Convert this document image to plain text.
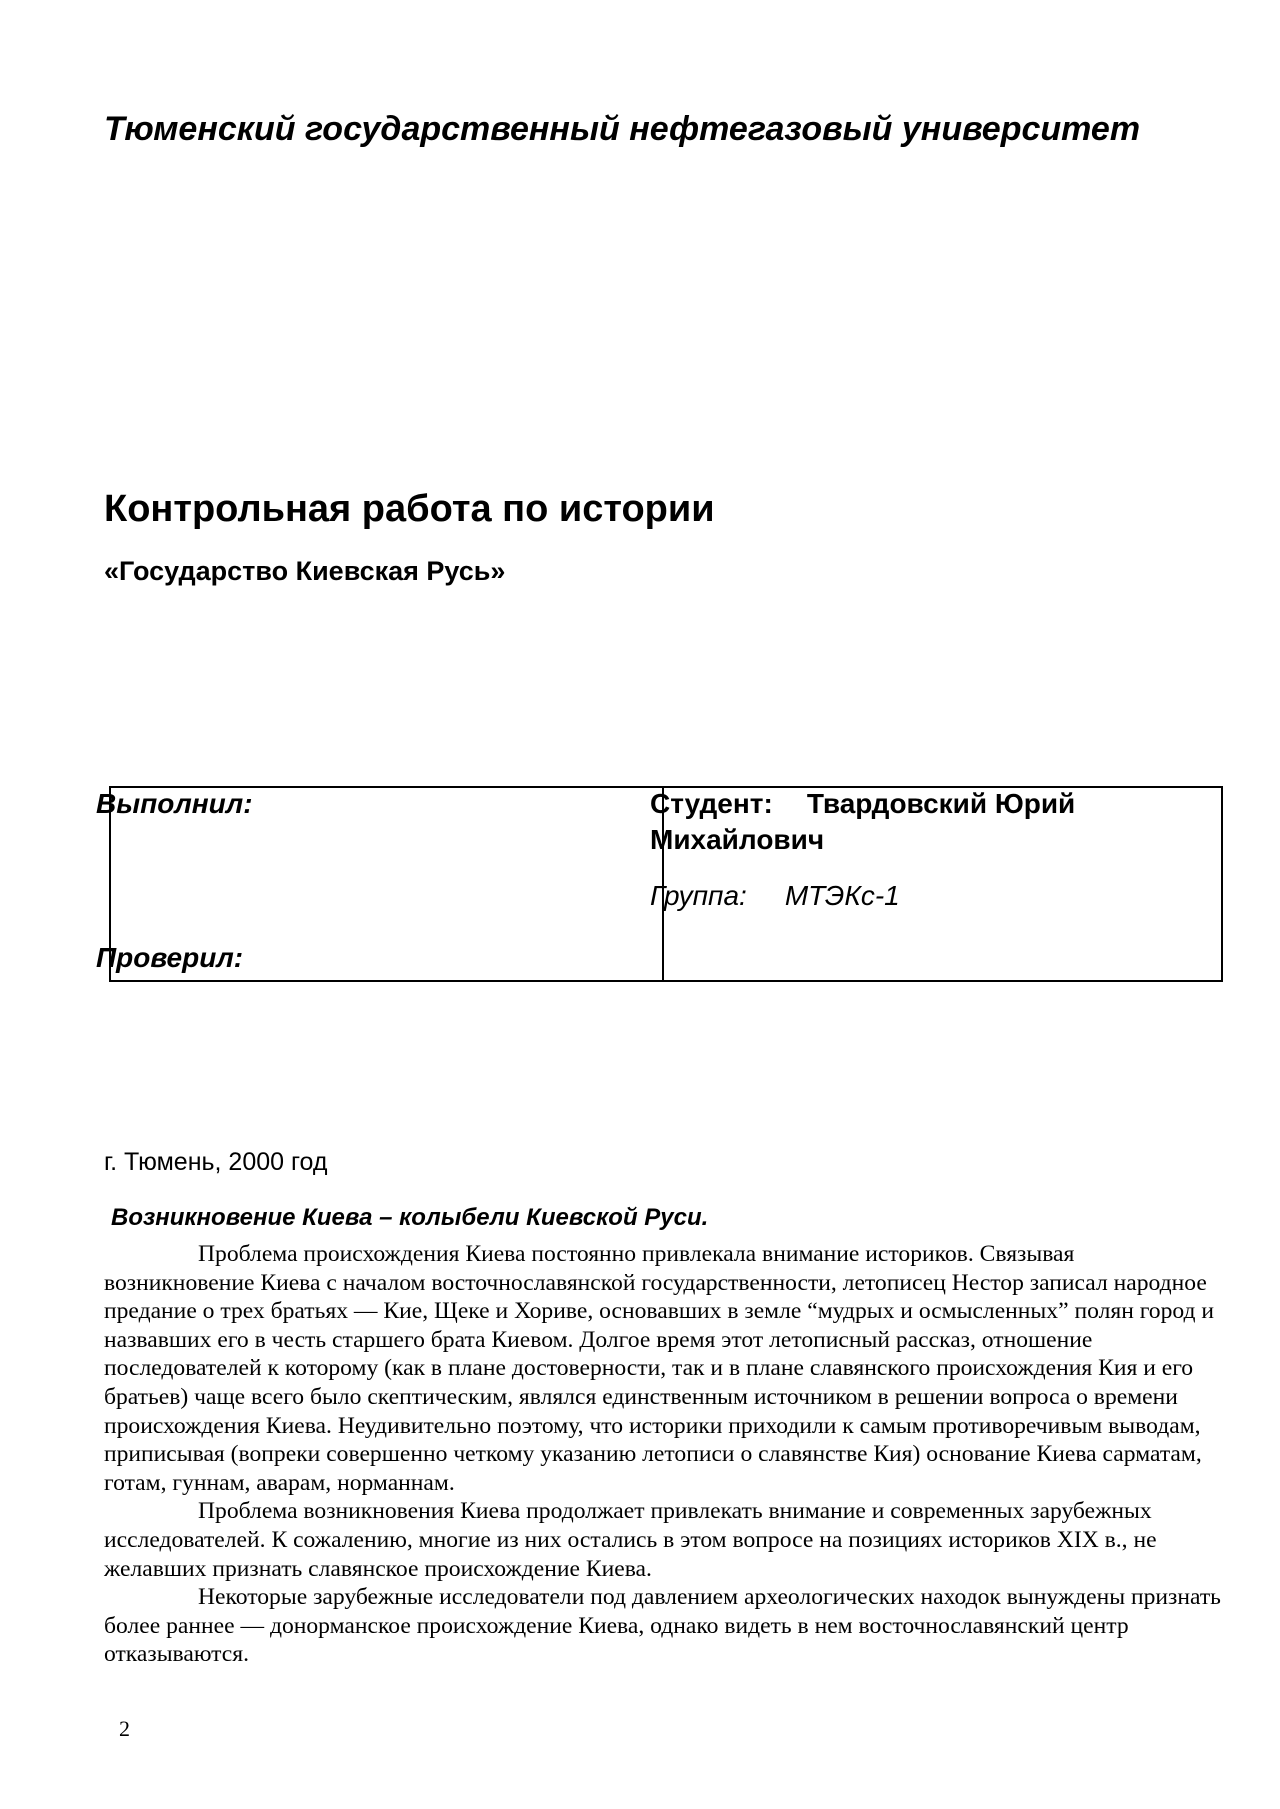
Тюменский государственный нефтегазовый университет
Контрольная работа по истории
«Государство Киевская Русь»
Выполнил:
Проверил:
Студент: Твардовский Юрий Михайлович
Группа: МТЭКс-1
г. Тюмень, 2000 год
Возникновение Киева – колыбели Киевской Руси.

Проблема происхождения Киева постоянно привлекала внимание историков. Связывая возникновение Киева с началом восточнославянской государственности, летописец Нестор записал народное предание о трех братьях — Кие, Щеке и Хориве, основавших в земле “мудрых и осмысленных” полян город и назвавших его в честь старшего брата Киевом. Долгое время этот летописный рассказ, отношение последователей к которому (как в плане достоверности, так и в плане славянского происхождения Кия и его братьев) чаще всего было скептическим, являлся единственным источником в решении вопроса о времени происхождения Киева. Неудивительно поэтому, что историки приходили к самым противоречивым выводам, приписывая (вопреки совершенно четкому указанию летописи о славянстве Кия) основание Киева сарматам, готам, гуннам, аварам, норманнам.

Проблема возникновения Киева продолжает привлекать внимание и современных зарубежных исследователей. К сожалению, многие из них остались в этом вопросе на позициях историков XIX в., не желавших признать славянское происхождение Киева.

Некоторые зарубежные исследователи под давлением археологических находок вынуждены признать более раннее — донорманское происхождение Киева, однако видеть в нем восточнославянский центр отказываются.

2
